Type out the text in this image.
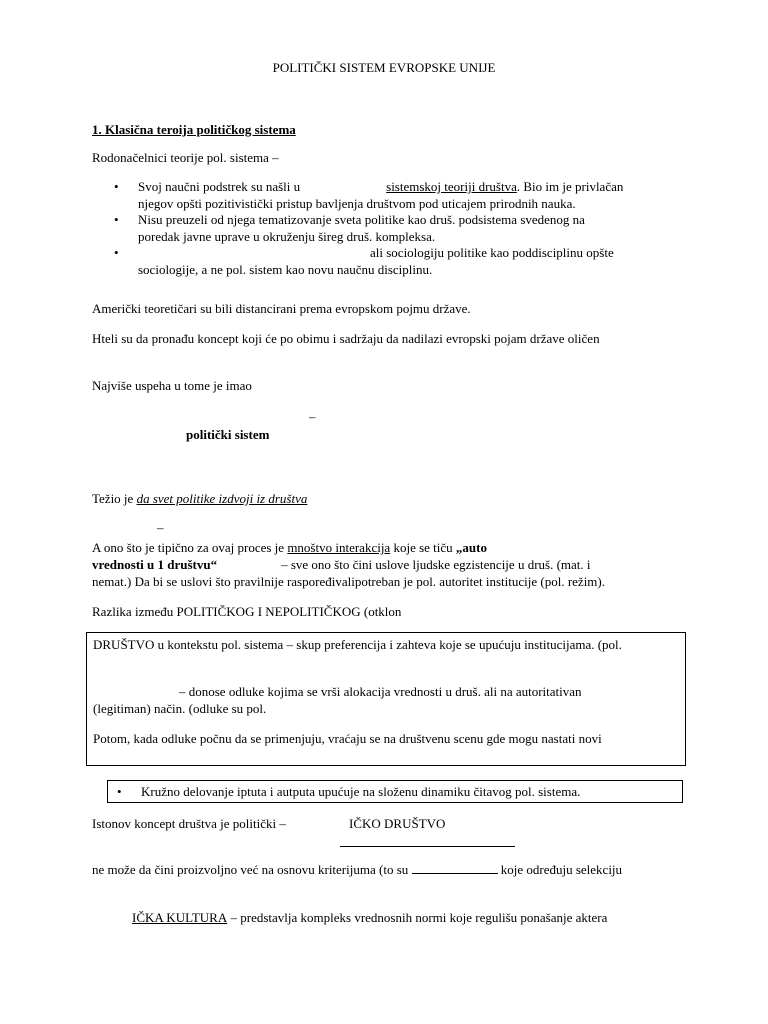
POLITIČKI SISTEM EVROPSKE UNIJE
1. Klasična teroija političkog sistema
Rodonačelnici teorije pol. sistema –
• Svoj naučni podstrek su našli u	sistemskoj teoriji društva. Bio im je privlačan
njegov opšti pozitivistički pristup bavljenja društvom pod uticajem prirodnih nauka.
• Nisu preuzeli od njega tematizovanje sveta politike kao druš. podsistema svedenog na
poredak javne uprave u okruženju šireg druš. kompleksa.
•	ali sociologiju politike kao poddisciplinu opšte
sociologije, a ne pol. sistem kao novu naučnu disciplinu.
Američki teoretičari su bili distancirani prema evropskom pojmu države.
Hteli su da pronađu koncept koji će po obimu i sadržaju da nadilazi evropski pojam države oličen
Najviše uspeha u tome je imao
–
politički sistem
Težio je da svet politike izdvoji iz društva
–
A ono što je tipično za ovaj proces je mnoštvo interakcija koje se tiču „auto
vrednosti u 1 društvu“	– sve ono što čini uslove ljudske egzistencije u druš. (mat. i
nemat.) Da bi se uslovi što pravilnije raspoređivalipotreban je pol. autoritet institucije (pol. režim).
Razlika između POLITIČKOG I NEPOLITIČKOG (otklon
DRUŠTVO u kontekstu pol. sistema – skup preferencija i zahteva koje se upućuju institucijama. (pol.
– donose odluke kojima se vrši alokacija vrednosti u druš. ali na autoritativan
(legitiman) način. (odluke su pol.
Potom, kada odluke počnu da se primenjuju, vraćaju se na društvenu scenu gde mogu nastati novi
• Kružno delovanje iptuta i autputa upućuje na složenu dinamiku čitavog pol. sistema.
Istonov koncept društva je politički –	IČKO DRUŠTVO
ne može da čini proizvoljno već na osnovu kriterijuma (to su	koje određuju selekciju
IČKA KULTURA – predstavlja kompleks vrednosnih normi koje regulišu ponašanje aktera
